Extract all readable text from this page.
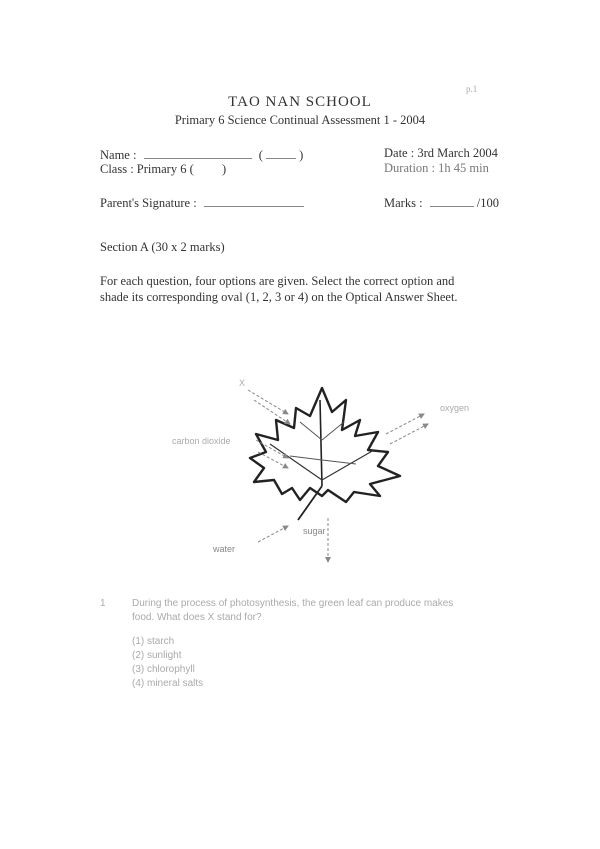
p.1
TAO NAN SCHOOL
Primary 6 Science Continual Assessment 1 - 2004
Name :	(	)
Class : Primary 6 ( )
Parent's Signature :
Date : 3rd March 2004
Duration : 1h 45 min
Marks :	/100
Section A (30 x 2 marks)
For each question, four options are given. Select the correct option and
shade its corresponding oval (1, 2, 3 or 4) on the Optical Answer Sheet.
X
carbon dioxide
oxygen
sugar
water
1	During the process of photosynthesis, the green leaf can produce makes
food. What does X stand for?
(1) starch
(2) sunlight
(3) chlorophyll
(4) mineral salts
